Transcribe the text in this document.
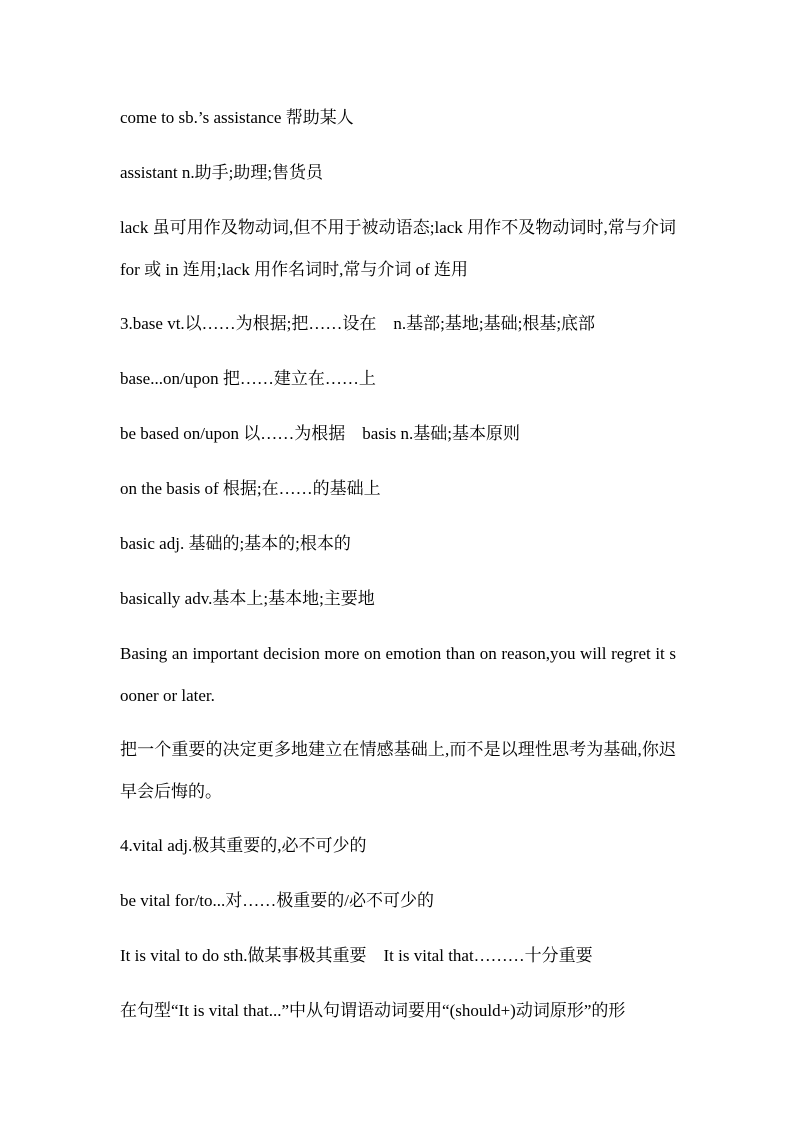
come to sb.’s assistance 帮助某人
assistant n.助手;助理;售货员
lack 虽可用作及物动词,但不用于被动语态;lack 用作不及物动词时,常与介词 for 或 in 连用;lack 用作名词时,常与介词 of 连用
3.base vt.以……为根据;把……设在　n.基部;基地;基础;根基;底部
base...on/upon 把……建立在……上
be based on/upon 以……为根据　basis n.基础;基本原则
on the basis of 根据;在……的基础上
basic adj. 基础的;基本的;根本的
basically adv.基本上;基本地;主要地
Basing an important decision more on emotion than on reason,you will regret it sooner or later.
把一个重要的决定更多地建立在情感基础上,而不是以理性思考为基础,你迟早会后悔的。
4.vital adj.极其重要的,必不可少的
be vital for/to...对……极重要的/必不可少的
It is vital to do sth.做某事极其重要　It is vital that………十分重要
在句型“It is vital that...”中从句谓语动词要用“(should+)动词原形”的形
